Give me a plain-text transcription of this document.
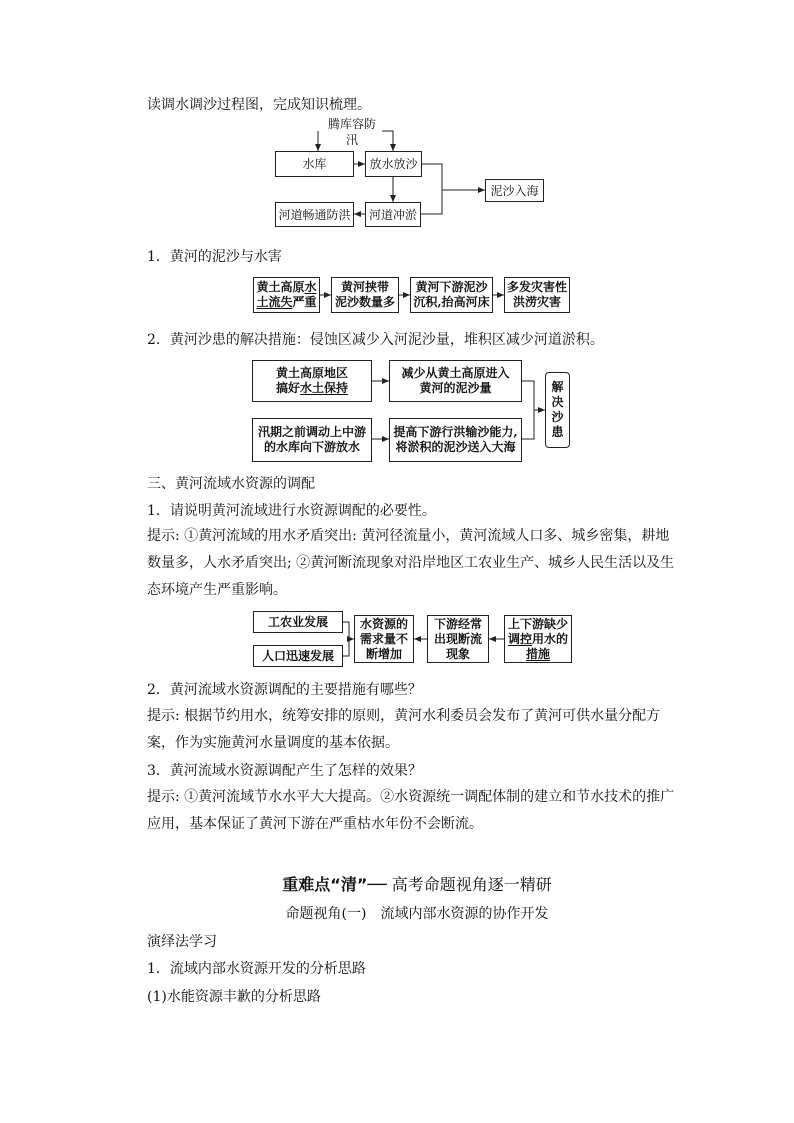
读调水调沙过程图，完成知识梳理。
腾库容防汛
水库	放水放沙
泥沙入海
河道畅通防洪	河道冲淤
1．黄河的泥沙与水害
黄土高原水
土流失严重
黄河挟带
泥沙数量多
黄河下游泥沙
沉积,抬高河床
多发灾害性
洪涝灾害
2．黄河沙患的解决措施：侵蚀区减少入河泥沙量，堆积区减少河道淤积。
黄土高原地区
搞好水土保持
减少从黄土高原进入
黄河的泥沙量
汛期之前调动上中游
的水库向下游放水
提高下游行洪输沙能力,
将淤积的泥沙送入大海
解
决
沙
患
三、黄河流域水资源的调配
1．请说明黄河流域进行水资源调配的必要性。
提示: ①黄河流域的用水矛盾突出: 黄河径流量小，黄河流域人口多、城乡密集，耕地数量多，人水矛盾突出; ②黄河断流现象对沿岸地区工农业生产、城乡人民生活以及生态环境产生严重影响。
工农业发展
人口迅速发展
水资源的
需求量不
断增加
下游经常
出现断流
现象
上下游缺少
调控用水的
措施
2．黄河流域水资源调配的主要措施有哪些？
提示: 根据节约用水，统筹安排的原则，黄河水利委员会发布了黄河可供水量分配方案，作为实施黄河水量调度的基本依据。
3．黄河流域水资源调配产生了怎样的效果？
提示: ①黄河流域节水水平大大提高。②水资源统一调配体制的建立和节水技术的推广应用，基本保证了黄河下游在严重枯水年份不会断流。
重难点“清”── 高考命题视角逐一精研
命题视角(一)　流域内部水资源的协作开发
演绎法学习
1．流域内部水资源开发的分析思路
(1)水能资源丰歉的分析思路
